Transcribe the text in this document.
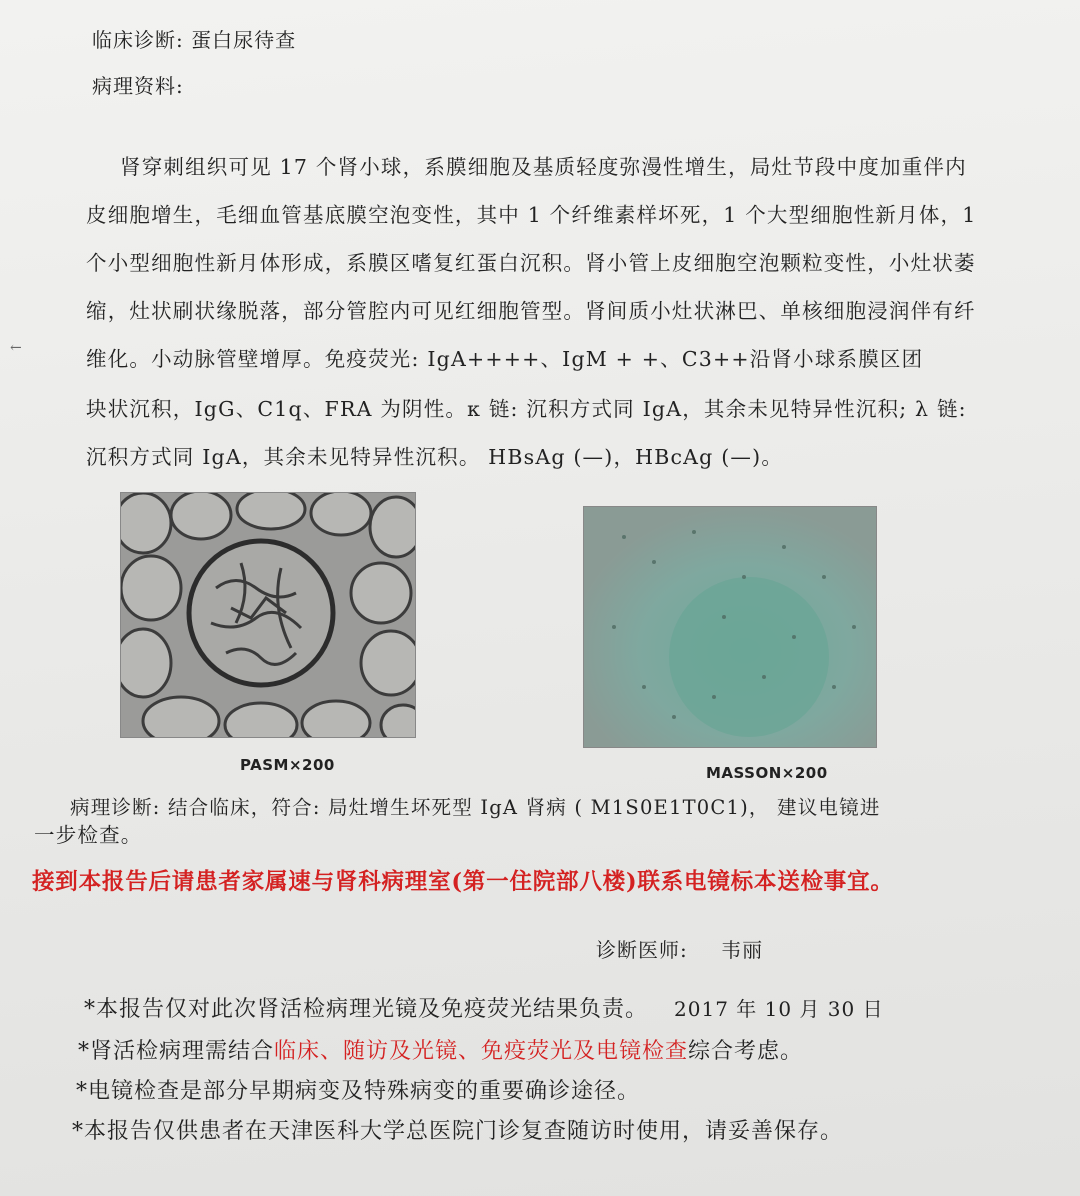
临床诊断: 蛋白尿待查
病理资料:
肾穿刺组织可见 17 个肾小球，系膜细胞及基质轻度弥漫性增生，局灶节段中度加重伴内
皮细胞增生，毛细血管基底膜空泡变性，其中 1 个纤维素样坏死，1 个大型细胞性新月体，1
个小型细胞性新月体形成，系膜区嗜复红蛋白沉积。肾小管上皮细胞空泡颗粒变性，小灶状萎
缩，灶状刷状缘脱落，部分管腔内可见红细胞管型。肾间质小灶状淋巴、单核细胞浸润伴有纤
维化。小动脉管壁增厚。免疫荧光: IgA++++、IgM + +、C3++沿肾小球系膜区团
块状沉积，IgG、C1q、FRA 为阴性。κ 链: 沉积方式同 IgA，其余未见特异性沉积; λ 链:
沉积方式同 IgA，其余未见特异性沉积。 HBsAg (—)，HBcAg (—)。
←
PASM×200	MASSON×200
病理诊断: 结合临床，符合: 局灶增生坏死型 IgA 肾病 ( M1S0E1T0C1)， 建议电镜进
一步检查。
接到本报告后请患者家属速与肾科病理室(第一住院部八楼)联系电镜标本送检事宜。
诊断医师: 韦丽
*本报告仅对此次肾活检病理光镜及免疫荧光结果负责。 2017 年 10 月 30 日
*肾活检病理需结合临床、随访及光镜、免疫荧光及电镜检查综合考虑。
*电镜检查是部分早期病变及特殊病变的重要确诊途径。
*本报告仅供患者在天津医科大学总医院门诊复查随访时使用，请妥善保存。
